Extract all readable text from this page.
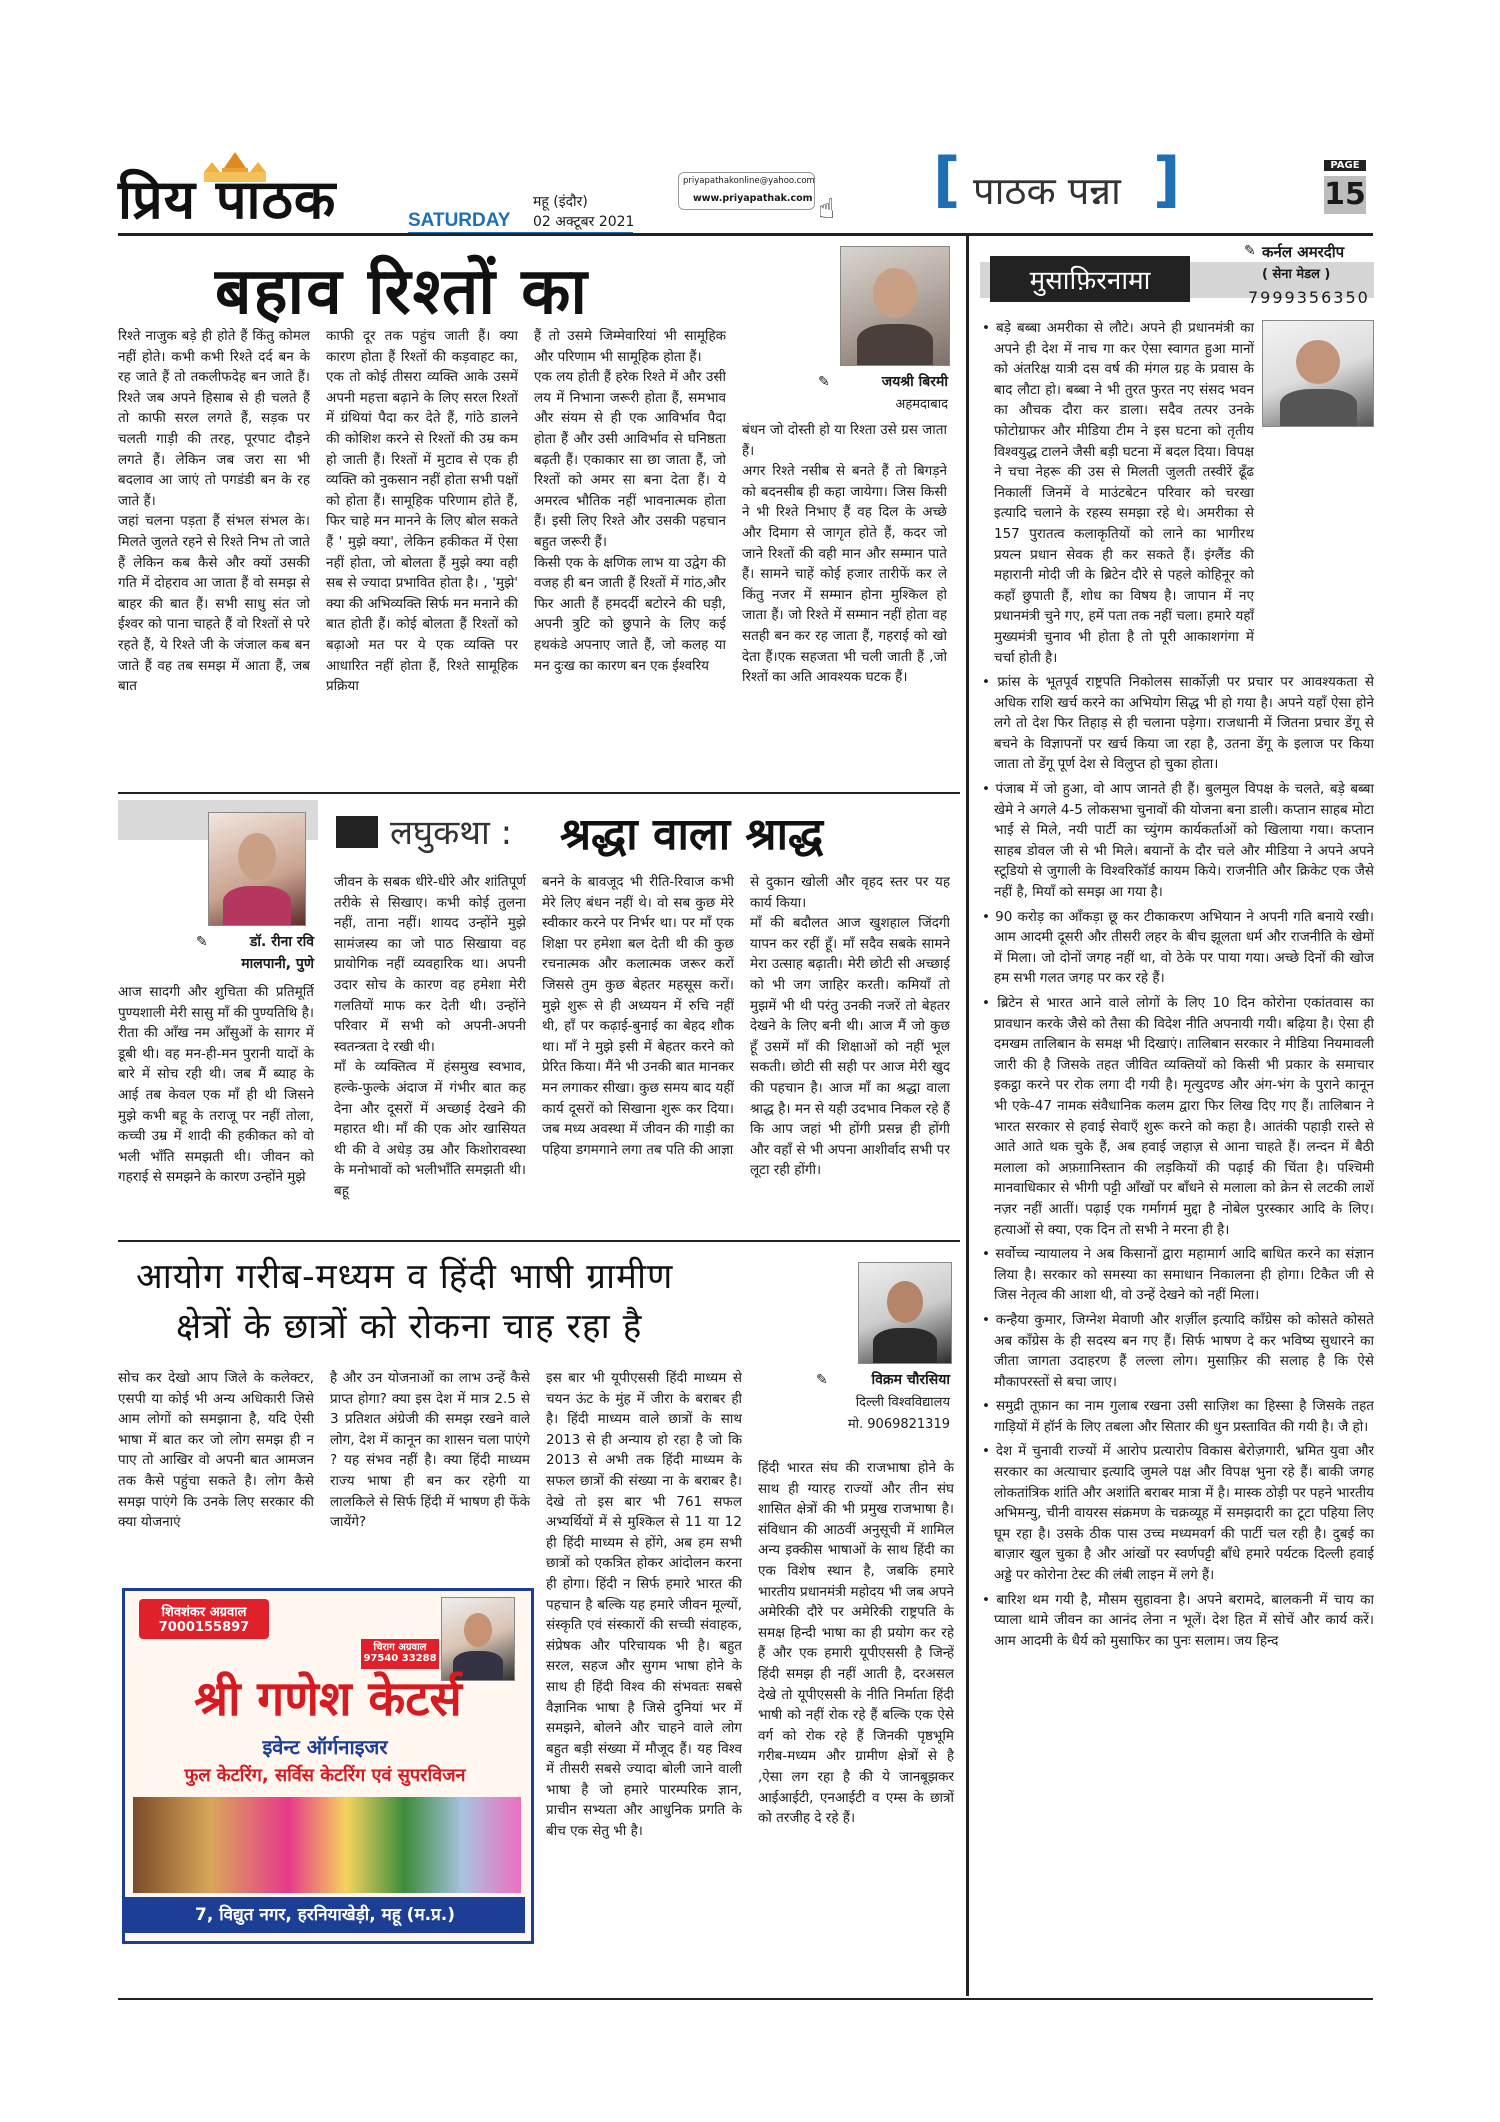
प्रिय पाठक	SATURDAY
महू (इंदौर)
02 अक्टूबर 2021
priyapathakonline@yahoo.com
www.priyapathak.com ☝ [ पाठक पन्ना ]	PAGE
15
बहाव रिश्तों का
✎	जयश्री बिरमी
अहमदाबाद
रिश्ते नाजुक बड़े ही होते हैं किंतु कोमल नहीं होते। कभी कभी रिश्ते दर्द बन के रह जाते हैं तो तकलीफदेह बन जाते हैं। रिश्ते जब अपने हिसाब से ही चलते हैं तो काफी सरल लगते हैं, सड़क पर चलती गाड़ी की तरह, पूरपाट दौड़ने लगते हैं। लेकिन जब जरा सा भी बदलाव आ जाएं तो पगडंडी बन के रह जाते हैं।
जहां चलना पड़ता हैं संभल संभल के। मिलते जुलते रहने से रिश्ते निभ तो जाते हैं लेकिन कब कैसे और क्यों उसकी गति में दोहराव आ जाता हैं वो समझ से बाहर की बात हैं। सभी साधु संत जो ईश्वर को पाना चाहते हैं वो रिश्तों से परे रहते हैं, ये रिश्ते जी के जंजाल कब बन जाते हैं वह तब समझ में आता हैं, जब बात
काफी दूर तक पहुंच जाती हैं। क्या कारण होता हैं रिश्तों की कड़वाहट का, एक तो कोई तीसरा व्यक्ति आके उसमें अपनी महत्ता बढ़ाने के लिए सरल रिश्तों में ग्रंथियां पैदा कर देते हैं, गांठे डालने की कोशिश करने से रिश्तों की उम्र कम हो जाती हैं। रिश्तों में मुटाव से एक ही व्यक्ति को नुकसान नहीं होता सभी पक्षों को होता हैं। सामूहिक परिणाम होते हैं, फिर चाहे मन मानने के लिए बोल सकते हैं ' मुझे क्या', लेकिन हकीकत में ऐसा नहीं होता, जो बोलता हैं मुझे क्या वही सब से ज्यादा प्रभावित होता है। , 'मुझे' क्या की अभिव्यक्ति सिर्फ मन मनाने की बात होती हैं। कोई बोलता हैं रिश्तों को बढ़ाओ मत पर ये एक व्यक्ति पर आधारित नहीं होता हैं, रिश्ते सामूहिक प्रक्रिया
हैं तो उसमे जिम्मेवारियां भी सामूहिक और परिणाम भी सामूहिक होता हैं।
एक लय होती हैं हरेक रिश्ते में और उसी लय में निभाना जरूरी होता हैं, समभाव और संयम से ही एक आविर्भाव पैदा होता हैं और उसी आविर्भाव से घनिष्ठता बढ़ती हैं। एकाकार सा छा जाता हैं, जो रिश्तों को अमर सा बना देता हैं। ये अमरत्व भौतिक नहीं भावनात्मक होता हैं। इसी लिए रिश्ते और उसकी पहचान बहुत जरूरी हैं।
किसी एक के क्षणिक लाभ या उद्वेग की वजह ही बन जाती हैं रिश्तों में गांठ,और फिर आती हैं हमदर्दी बटोरने की घड़ी, अपनी त्रुटि को छुपाने के लिए कई हथकंडे अपनाए जाते हैं, जो कलह या मन दुःख का कारण बन एक ईश्वरिय
बंधन जो दोस्ती हो या रिश्ता उसे ग्रस जाता हैं।
अगर रिश्ते नसीब से बनते हैं तो बिगड़ने को बदनसीब ही कहा जायेगा। जिस किसी ने भी रिश्ते निभाए हैं वह दिल के अच्छे और दिमाग से जागृत होते हैं, कदर जो जाने रिश्तों की वही मान और सम्मान पाते हैं। सामने चाहें कोई हजार तारीफें कर ले किंतु नजर में सम्मान होना मुश्किल हो जाता हैं। जो रिश्ते में सम्मान नहीं होता वह सतही बन कर रह जाता हैं, गहराई को खो देता हैं।एक सहजता भी चली जाती हैं ,जो रिश्तों का अति आवश्यक घटक हैं।
✎	डॉ. रीना रवि
मालपानी, पुणे
लघुकथा : श्रद्धा वाला श्राद्ध
आज सादगी और शुचिता की प्रतिमूर्ति पुण्यशाली मेरी सासु माँ की पुण्यतिथि है। रीता की आँख नम आँसुओं के सागर में डूबी थी। वह मन-ही-मन पुरानी यादों के बारे में सोच रही थी। जब मैं ब्याह के आई तब केवल एक माँ ही थी जिसने मुझे कभी बहू के तराजू पर नहीं तोला, कच्ची उम्र में शादी की हकीकत को वो भली भाँति समझती थी। जीवन को गहराई से समझने के कारण उन्होंने मुझे
जीवन के सबक धीरे-धीरे और शांतिपूर्ण तरीके से सिखाए। कभी कोई तुलना नहीं, ताना नहीं। शायद उन्होंने मुझे सामंजस्य का जो पाठ सिखाया वह प्रायोगिक नहीं व्यवहारिक था। अपनी उदार सोच के कारण वह हमेशा मेरी गलतियों माफ कर देती थी। उन्होंने परिवार में सभी को अपनी-अपनी स्वतन्त्रता दे रखी थी।
माँ के व्यक्तित्व में हंसमुख स्वभाव, हल्के-फुल्के अंदाज में गंभीर बात कह देना और दूसरों में अच्छाई देखने की महारत थी। माँ की एक ओर खासियत थी की वे अधेड़ उम्र और किशोरावस्था के मनोभावों को भलीभाँति समझती थी। बहू
बनने के बावजूद भी रीति-रिवाज कभी मेरे लिए बंधन नहीं थे। वो सब कुछ मेरे स्वीकार करने पर निर्भर था। पर माँ एक शिक्षा पर हमेशा बल देती थी की कुछ रचनात्मक और कलात्मक जरूर करों जिससे तुम कुछ बेहतर महसूस करों। मुझे शुरू से ही अध्ययन में रुचि नहीं थी, हाँ पर कढ़ाई-बुनाई का बेहद शौक था। माँ ने मुझे इसी में बेहतर करने को प्रेरित किया। मैंने भी उनकी बात मानकर मन लगाकर सीखा। कुछ समय बाद यहीं कार्य दूसरों को सिखाना शुरू कर दिया। जब मध्य अवस्था में जीवन की गाड़ी का पहिया डगमगाने लगा तब पति की आज्ञा
से दुकान खोली और वृहद स्तर पर यह कार्य किया।
माँ की बदौलत आज खुशहाल जिंदगी यापन कर रहीं हूँ। माँ सदैव सबके सामने मेरा उत्साह बढ़ाती। मेरी छोटी सी अच्छाई को भी जग जाहिर करती। कमियाँ तो मुझमें भी थी परंतु उनकी नजरें तो बेहतर देखने के लिए बनी थी। आज मैं जो कुछ हूँ उसमें माँ की शिक्षाओं को नहीं भूल सकती। छोटी सी सही पर आज मेरी खुद की पहचान है। आज माँ का श्रद्धा वाला श्राद्ध है। मन से यही उदभाव निकल रहे हैं कि आप जहां भी होंगी प्रसन्न ही होंगी और वहाँ से भी अपना आशीर्वाद सभी पर लूटा रही होंगी।
आयोग गरीब-मध्यम व हिंदी भाषी ग्रामीण
क्षेत्रों के छात्रों को रोकना चाह रहा है
✎	विक्रम चौरसिया
दिल्ली विश्वविद्यालय
मो. 9069821319
सोच कर देखो आप जिले के कलेक्टर, एसपी या कोई भी अन्य अधिकारी जिसे आम लोगों को समझाना है, यदि ऐसी भाषा में बात कर जो लोग समझ ही न पाए तो आखिर वो अपनी बात आमजन तक कैसे पहुंचा सकते है। लोग कैसे समझ पाएंगे कि उनके लिए सरकार की क्या योजनाएं
है और उन योजनाओं का लाभ उन्हें कैसे प्राप्त होगा? क्या इस देश में मात्र 2.5 से 3 प्रतिशत अंग्रेजी की समझ रखने वाले लोग, देश में कानून का शासन चला पाएंगे ? यह संभव नहीं है। क्या हिंदी माध्यम राज्य भाषा ही बन कर रहेगी या लालकिले से सिर्फ हिंदी में भाषण ही फेंके जायेंगे?
इस बार भी यूपीएससी हिंदी माध्यम से चयन ऊंट के मुंह में जीरा के बराबर ही है। हिंदी माध्यम वाले छात्रों के साथ 2013 से ही अन्याय हो रहा है जो कि 2013 से अभी तक हिंदी माध्यम के सफल छात्रों की संख्या ना के बराबर है। देखे तो इस बार भी 761 सफल अभ्यर्थियों में से मुश्किल से 11 या 12 ही हिंदी माध्यम से होंगे, अब हम सभी छात्रों को एकत्रित होकर आंदोलन करना ही होगा। हिंदी न सिर्फ हमारे भारत की पहचान है बल्कि यह हमारे जीवन मूल्यों, संस्कृति एवं संस्कारों की सच्ची संवाहक, संप्रेषक और परिचायक भी है। बहुत सरल, सहज और सुगम भाषा होने के साथ ही हिंदी विश्व की संभवतः सबसे वैज्ञानिक भाषा है जिसे दुनियां भर में समझने, बोलने और चाहने वाले लोग बहुत बड़ी संख्या में मौजूद हैं। यह विश्व में तीसरी सबसे ज्यादा बोली जाने वाली भाषा है जो हमारे पारम्परिक ज्ञान, प्राचीन सभ्यता और आधुनिक प्रगति के बीच एक सेतु भी है।
हिंदी भारत संघ की राजभाषा होने के साथ ही ग्यारह राज्यों और तीन संघ शासित क्षेत्रों की भी प्रमुख राजभाषा है। संविधान की आठवीं अनुसूची में शामिल अन्य इक्कीस भाषाओं के साथ हिंदी का एक विशेष स्थान है, जबकि हमारे भारतीय प्रधानमंत्री महोदय भी जब अपने अमेरिकी दौरे पर अमेरिकी राष्ट्रपति के समक्ष हिन्दी भाषा का ही प्रयोग कर रहे हैं और एक हमारी यूपीएससी है जिन्हें हिंदी समझ ही नहीं आती है, दरअसल देखे तो यूपीएससी के नीति निर्माता हिंदी भाषी को नहीं रोक रहे हैं बल्कि एक ऐसे वर्ग को रोक रहे हैं जिनकी पृष्ठभूमि गरीब-मध्यम और ग्रामीण क्षेत्रों से है ,ऐसा लग रहा है की ये जानबूझकर आईआईटी, एनआईटी व एम्स के छात्रों को तरजीह दे रहे हैं।
शिवशंकर अग्रवाल
7000155897
चिराग अग्रवाल
97540 33288
श्री गणेश केटर्स
इवेन्ट ऑर्गनाइजर
फुल केटरिंग, सर्विस केटरिंग एवं सुपरविजन
7, विद्युत नगर, हरनियाखेड़ी, महू (म.प्र.)
मुसाफ़िरनामा
✎ कर्नल अमरदीप
( सेना मेडल )
7999356350
• बड़े बब्बा अमरीका से लौटे। अपने ही प्रधानमंत्री का अपने ही देश में नाच गा कर ऐसा स्वागत हुआ मानों को अंतरिक्ष यात्री दस वर्ष की मंगल ग्रह के प्रवास के बाद लौटा हो। बब्बा ने भी तुरत फुरत नए संसद भवन का औचक दौरा कर डाला। सदैव तत्पर उनके फोटोग्राफर और मीडिया टीम ने इस घटना को तृतीय विश्वयुद्ध टालने जैसी बड़ी घटना में बदल दिया। विपक्ष ने चचा नेहरू की उस से मिलती जुलती तस्वीरें ढूँढ निकालीं जिनमें वे माउंटबेटन परिवार को चरखा इत्यादि चलाने के रहस्य समझा रहे थे। अमरीका से 157 पुरातत्व कलाकृतियों को लाने का भागीरथ प्रयत्न प्रधान सेवक ही कर सकते हैं। इंग्लैंड की महारानी मोदी जी के ब्रिटेन दौरे से पहले कोहिनूर को कहाँ छुपाती हैं, शोध का विषय है। जापान में नए प्रधानमंत्री चुने गए, हमें पता तक नहीं चला। हमारे यहाँ मुख्यमंत्री चुनाव भी होता है तो पूरी आकाशगंगा में चर्चा होती है।
• फ्रांस के भूतपूर्व राष्ट्रपति निकोलस सार्कोज़ी पर प्रचार पर आवश्यकता से अधिक राशि खर्च करने का अभियोग सिद्ध भी हो गया है। अपने यहाँ ऐसा होने लगे तो देश फिर तिहाड़ से ही चलाना पड़ेगा। राजधानी में जितना प्रचार डेंगू से बचने के विज्ञापनों पर खर्च किया जा रहा है, उतना डेंगू के इलाज पर किया जाता तो डेंगू पूर्ण देश से विलुप्त हो चुका होता।
• पंजाब में जो हुआ, वो आप जानते ही हैं। बुलमुल विपक्ष के चलते, बड़े बब्बा खेमे ने अगले 4-5 लोकसभा चुनावों की योजना बना डाली। कप्तान साहब मोटा भाई से मिले, नयी पार्टी का च्युंगम कार्यकर्ताओं को खिलाया गया। कप्तान साहब डोवल जी से भी मिले। बयानों के दौर चले और मीडिया ने अपने अपने स्टूडियो से जुगाली के विश्वरिकॉर्ड कायम किये। राजनीति और क्रिकेट एक जैसे नहीं है, मियाँ को समझ आ गया है।
• 90 करोड़ का आँकड़ा छू कर टीकाकरण अभियान ने अपनी गति बनाये रखी। आम आदमी दूसरी और तीसरी लहर के बीच झूलता धर्म और राजनीति के खेमों में मिला। जो दोनों जगह नहीं था, वो ठेके पर पाया गया। अच्छे दिनों की खोज हम सभी गलत जगह पर कर रहे हैं।
• ब्रिटेन से भारत आने वाले लोगों के लिए 10 दिन कोरोना एकांतवास का प्रावधान करके जैसे को तैसा की विदेश नीति अपनायी गयी। बढ़िया है। ऐसा ही दमखम तालिबान के समक्ष भी दिखाएं। तालिबान सरकार ने मीडिया नियमावली जारी की है जिसके तहत जीवित व्यक्तियों को किसी भी प्रकार के समाचार इकट्ठा करने पर रोक लगा दी गयी है। मृत्युदण्ड और अंग-भंग के पुराने कानून भी एके-47 नामक संवैधानिक कलम द्वारा फिर लिख दिए गए हैं। तालिबान ने भारत सरकार से हवाई सेवाएँ शुरू करने को कहा है। आतंकी पहाड़ी रास्ते से आते आते थक चुके हैं, अब हवाई जहाज़ से आना चाहते हैं। लन्दन में बैठी मलाला को अफ़ग़ानिस्तान की लड़कियों की पढ़ाई की चिंता है। पश्चिमी मानवाधिकार से भीगी पट्टी आँखों पर बाँधने से मलाला को क्रेन से लटकी लाशें नज़र नहीं आतीं। पढ़ाई एक गर्मागर्म मुद्दा है नोबेल पुरस्कार आदि के लिए। हत्याओं से क्या, एक दिन तो सभी ने मरना ही है।
• सर्वोच्च न्यायालय ने अब किसानों द्वारा महामार्ग आदि बाधित करने का संज्ञान लिया है। सरकार को समस्या का समाधान निकालना ही होगा। टिकैत जी से जिस नेतृत्व की आशा थी, वो उन्हें देखने को नहीं मिला।
• कन्हैया कुमार, जिग्नेश मेवाणी और शर्ज़ील इत्यादि कॉंग्रेस को कोसते कोसते अब कॉंग्रेस के ही सदस्य बन गए हैं। सिर्फ भाषण दे कर भविष्य सुधारने का जीता जागता उदाहरण हैं लल्ला लोग। मुसाफ़िर की सलाह है कि ऐसे मौकापरस्तों से बचा जाए।
• समुद्री तूफ़ान का नाम गुलाब रखना उसी साज़िश का हिस्सा है जिसके तहत गाड़ियों में हॉर्न के लिए तबला और सितार की धुन प्रस्तावित की गयी है। जै हो।
• देश में चुनावी राज्यों में आरोप प्रत्यारोप विकास बेरोज़गारी, भ्रमित युवा और सरकार का अत्याचार इत्यादि जुमले पक्ष और विपक्ष भुना रहे हैं। बाकी जगह लोकतांत्रिक शांति और अशांति बराबर मात्रा में है। मास्क ठोड़ी पर पहने भारतीय अभिमन्यु, चीनी वायरस संक्रमण के चक्रव्यूह में समझदारी का टूटा पहिया लिए घूम रहा है। उसके ठीक पास उच्च मध्यमवर्ग की पार्टी चल रही है। दुबई का बाज़ार खुल चुका है और आंखों पर स्वर्णपट्टी बाँधे हमारे पर्यटक दिल्ली हवाई अड्डे पर कोरोना टेस्ट की लंबी लाइन में लगे हैं।
• बारिश थम गयी है, मौसम सुहावना है। अपने बरामदे, बालकनी में चाय का प्याला थामे जीवन का आनंद लेना न भूलें। देश हित में सोचें और कार्य करें। आम आदमी के धैर्य को मुसाफिर का पुनः सलाम। जय हिन्द
